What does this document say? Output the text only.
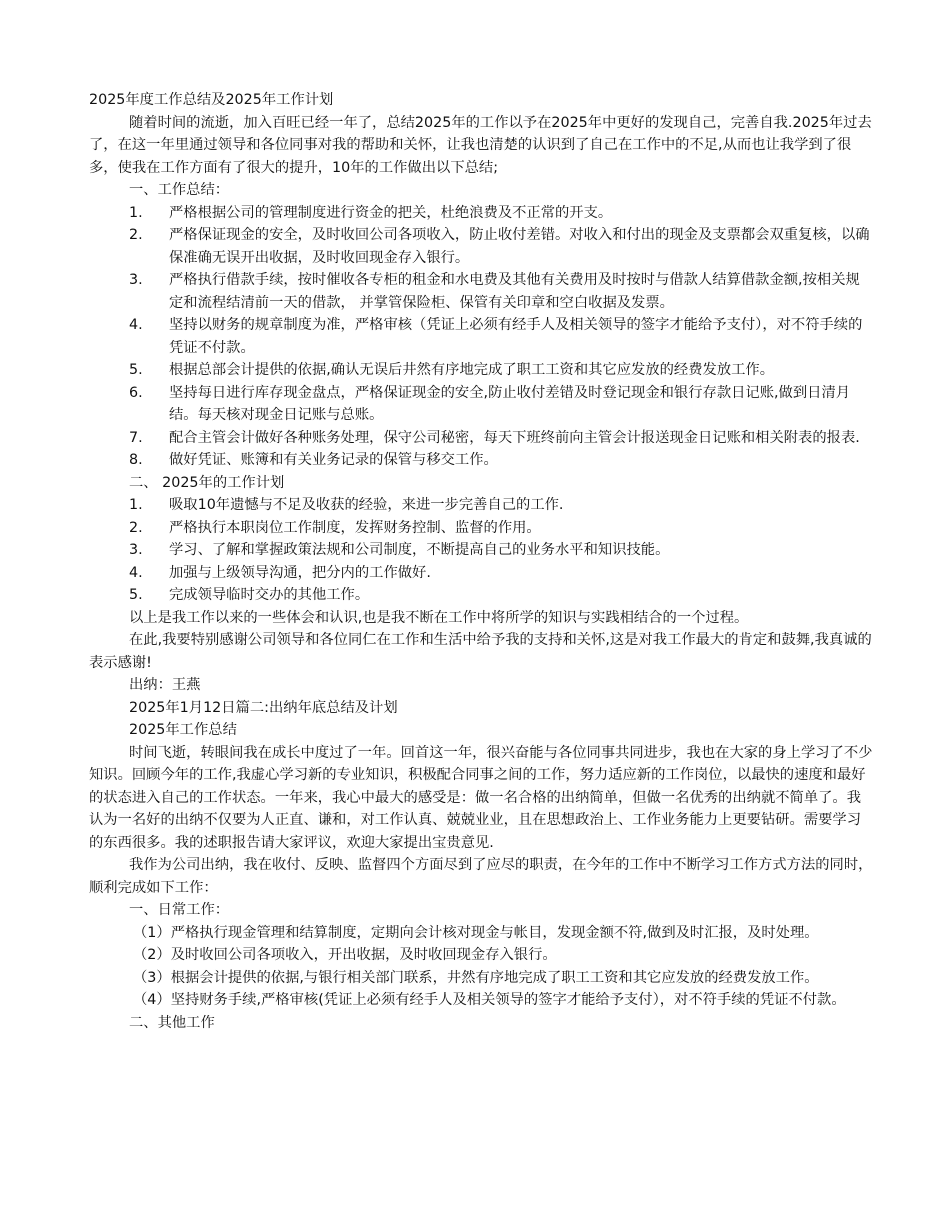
2025年度工作总结及2025年工作计划

随着时间的流逝，加入百旺已经一年了，总结2025年的工作以予在2025年中更好的发现自己，完善自我.2025年过去了，在这一年里通过领导和各位同事对我的帮助和关怀，让我也清楚的认识到了自己在工作中的不足,从而也让我学到了很多，使我在工作方面有了很大的提升，10年的工作做出以下总结;

一、工作总结：

1.	严格根据公司的管理制度进行资金的把关，杜绝浪费及不正常的开支。
2.	严格保证现金的安全，及时收回公司各项收入，防止收付差错。对收入和付出的现金及支票都会双重复核，以确保准确无误开出收据，及时收回现金存入银行。
3.	严格执行借款手续，按时催收各专柜的租金和水电费及其他有关费用及时按时与借款人结算借款金额,按相关规定和流程结清前一天的借款， 并掌管保险柜、保管有关印章和空白收据及发票。
4.	坚持以财务的规章制度为准，严格审核（凭证上必须有经手人及相关领导的签字才能给予支付），对不符手续的凭证不付款。
5.	根据总部会计提供的依据,确认无误后井然有序地完成了职工工资和其它应发放的经费发放工作。
6.	坚持每日进行库存现金盘点，严格保证现金的安全,防止收付差错及时登记现金和银行存款日记账,做到日清月结。每天核对现金日记账与总账。
7.	配合主管会计做好各种账务处理，保守公司秘密，每天下班终前向主管会计报送现金日记账和相关附表的报表.
8.	做好凭证、账簿和有关业务记录的保管与移交工作。

二、 2025年的工作计划

1.	吸取10年遗憾与不足及收获的经验，来进一步完善自己的工作.
2.	严格执行本职岗位工作制度，发挥财务控制、监督的作用。
3.	学习、了解和掌握政策法规和公司制度，不断提高自己的业务水平和知识技能。
4.	加强与上级领导沟通，把分内的工作做好.
5.	完成领导临时交办的其他工作。

以上是我工作以来的一些体会和认识,也是我不断在工作中将所学的知识与实践相结合的一个过程。

在此,我要特别感谢公司领导和各位同仁在工作和生活中给予我的支持和关怀,这是对我工作最大的肯定和鼓舞,我真诚的表示感谢!

出纳：王燕

2025年1月12日篇二:出纳年底总结及计划

2025年工作总结

时间飞逝，转眼间我在成长中度过了一年。回首这一年，很兴奋能与各位同事共同进步，我也在大家的身上学习了不少知识。回顾今年的工作,我虚心学习新的专业知识，积极配合同事之间的工作，努力适应新的工作岗位，以最快的速度和最好的状态进入自己的工作状态。一年来，我心中最大的感受是：做一名合格的出纳简单，但做一名优秀的出纳就不简单了。我认为一名好的出纳不仅要为人正直、谦和，对工作认真、兢兢业业，且在思想政治上、工作业务能力上更要钻研。需要学习的东西很多。我的述职报告请大家评议，欢迎大家提出宝贵意见.

我作为公司出纳，我在收付、反映、监督四个方面尽到了应尽的职责，在今年的工作中不断学习工作方式方法的同时，顺利完成如下工作：

一、日常工作：

（1）严格执行现金管理和结算制度，定期向会计核对现金与帐目，发现金额不符,做到及时汇报，及时处理。

（2）及时收回公司各项收入，开出收据，及时收回现金存入银行。

（3）根据会计提供的依据,与银行相关部门联系，井然有序地完成了职工工资和其它应发放的经费发放工作。

（4）坚持财务手续,严格审核(凭证上必须有经手人及相关领导的签字才能给予支付），对不符手续的凭证不付款。

二、其他工作
